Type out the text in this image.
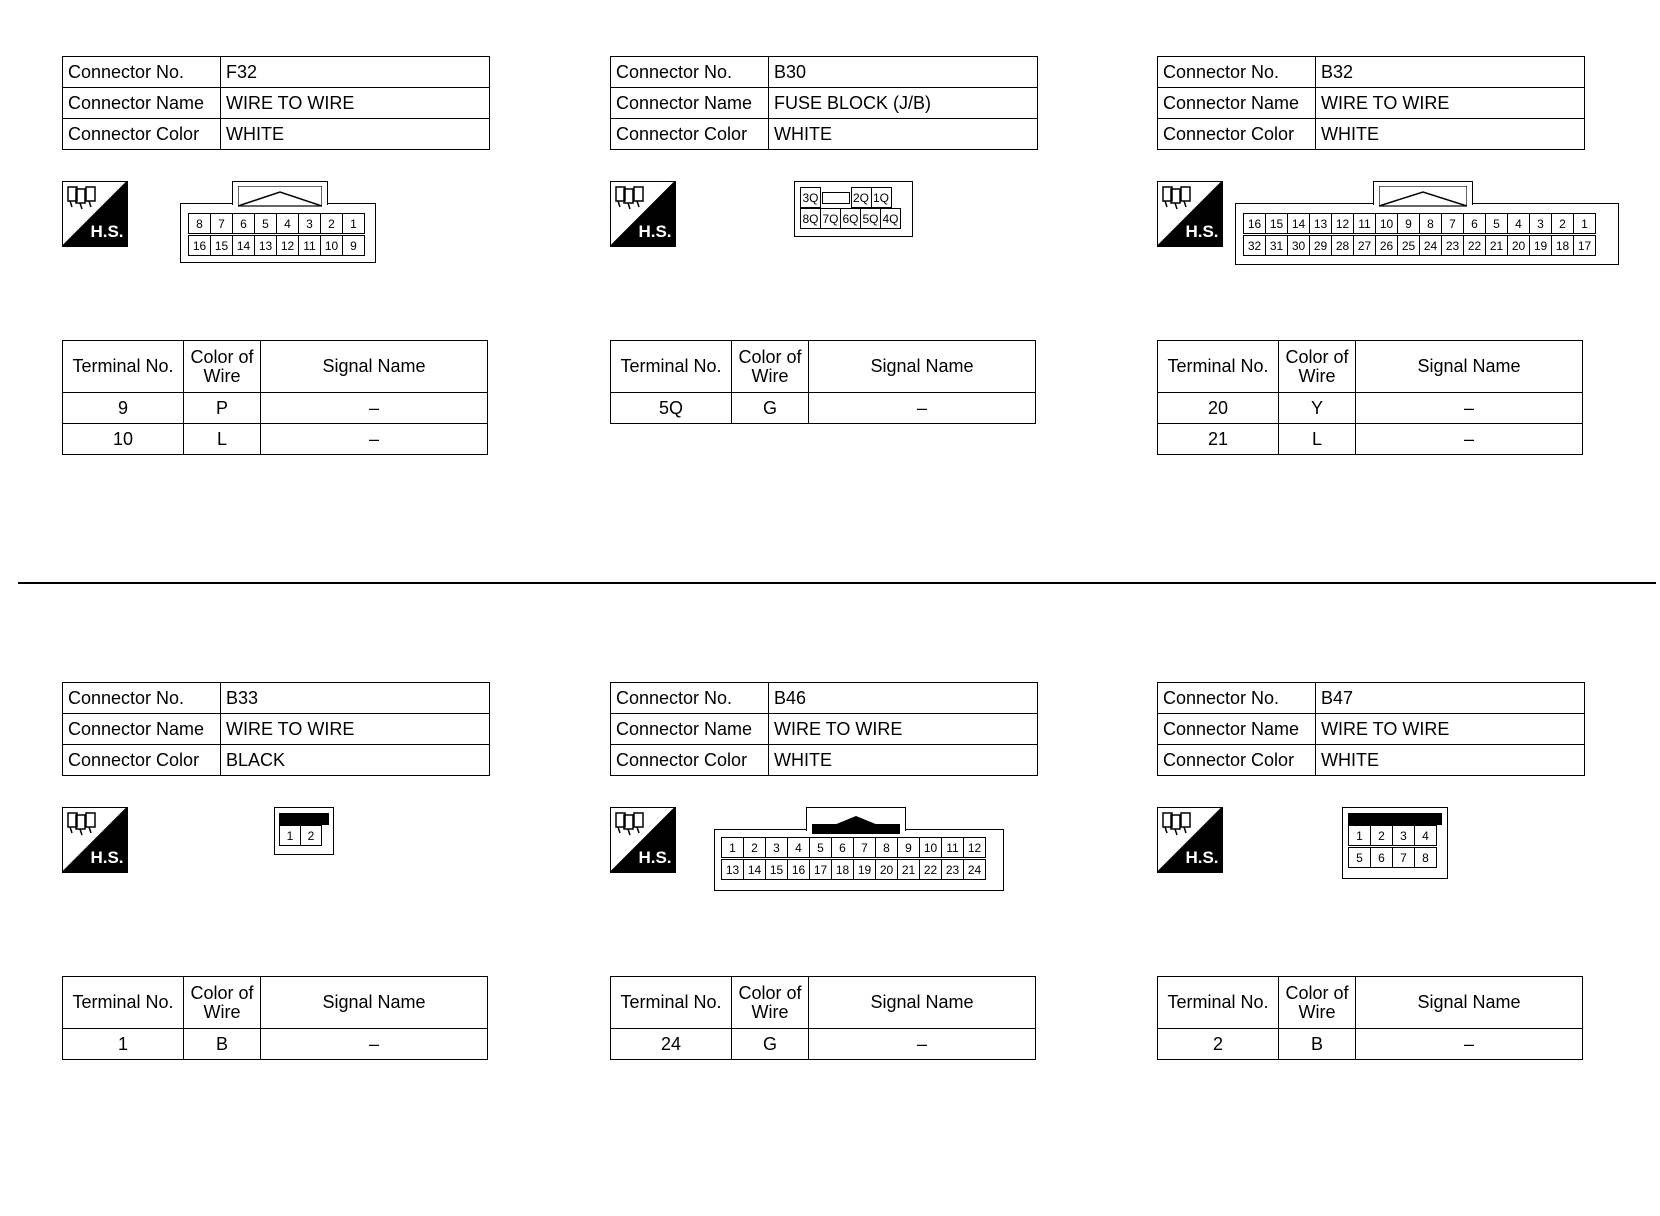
Connector No.	F32
Connector Name	WIRE TO WIRE
Connector Color	WHITE
H.S.	8	7	6	5	4	3	2	1
16 15 14 13 12 11 10 9
Terminal No.	Color of Wire	Signal Name
9	P	–
10	L	–
Connector No.	B30
Connector Name	FUSE BLOCK (J/B)
Connector Color	WHITE
H.S.
3Q	2Q 1Q
8Q 7Q 6Q 5Q 4Q
Terminal No.	Color of Wire	Signal Name
5Q	G	–
Connector No.	B32
Connector Name	WIRE TO WIRE
Connector Color	WHITE
H.S.	16 15 14 13 12 11 10 9	8	7	6	5	4	3	2	1
32 31 30 29 28 27 26 25 24 23 22 21 20 19 18 17
Terminal No.	Color of Wire	Signal Name
20	Y	–
21	L	–
Connector No.	B33
Connector Name	WIRE TO WIRE
Connector Color	BLACK
H.S.
1	2
Terminal No.	Color of Wire	Signal Name
1	B	–
Connector No.	B46
Connector Name	WIRE TO WIRE
Connector Color	WHITE
H.S.
1	2	3	4	5	6	7	8	9 10 11 12
13 14 15 16 17 18 19 20 21 22 23 24
Terminal No.	Color of Wire	Signal Name
24	G	–
Connector No.	B47
Connector Name	WIRE TO WIRE
Connector Color	WHITE
H.S.
1	2	3	4
5	6	7	8
Terminal No.	Color of Wire	Signal Name
2	B	–
